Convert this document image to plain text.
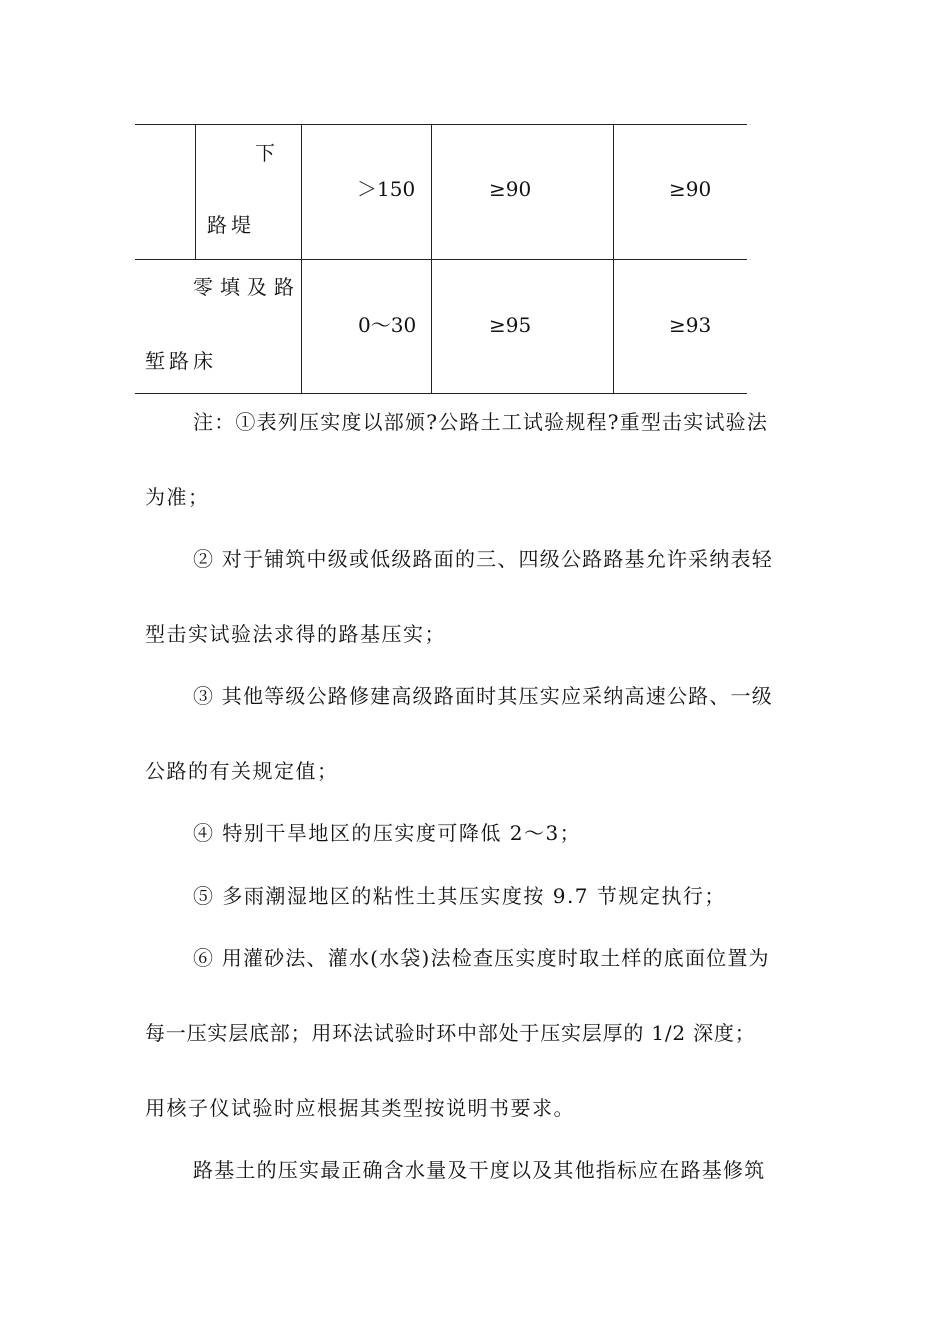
下
路堤
＞150	≥90	≥90
零填及路
堑路床
0～30	≥95	≥93
注：①表列压实度以部颁?公路土工试验规程?重型击实试验法
为准；
② 对于铺筑中级或低级路面的三、四级公路路基允许采纳表轻
型击实试验法求得的路基压实；
③ 其他等级公路修建高级路面时其压实应采纳高速公路、一级
公路的有关规定值；
④ 特别干旱地区的压实度可降低 2～3；
⑤ 多雨潮湿地区的粘性土其压实度按 9.7 节规定执行；
⑥ 用灌砂法、灌水(水袋)法检查压实度时取土样的底面位置为
每一压实层底部；用环法试验时环中部处于压实层厚的 1/2 深度；
用核子仪试验时应根据其类型按说明书要求。
路基土的压实最正确含水量及干度以及其他指标应在路基修筑
